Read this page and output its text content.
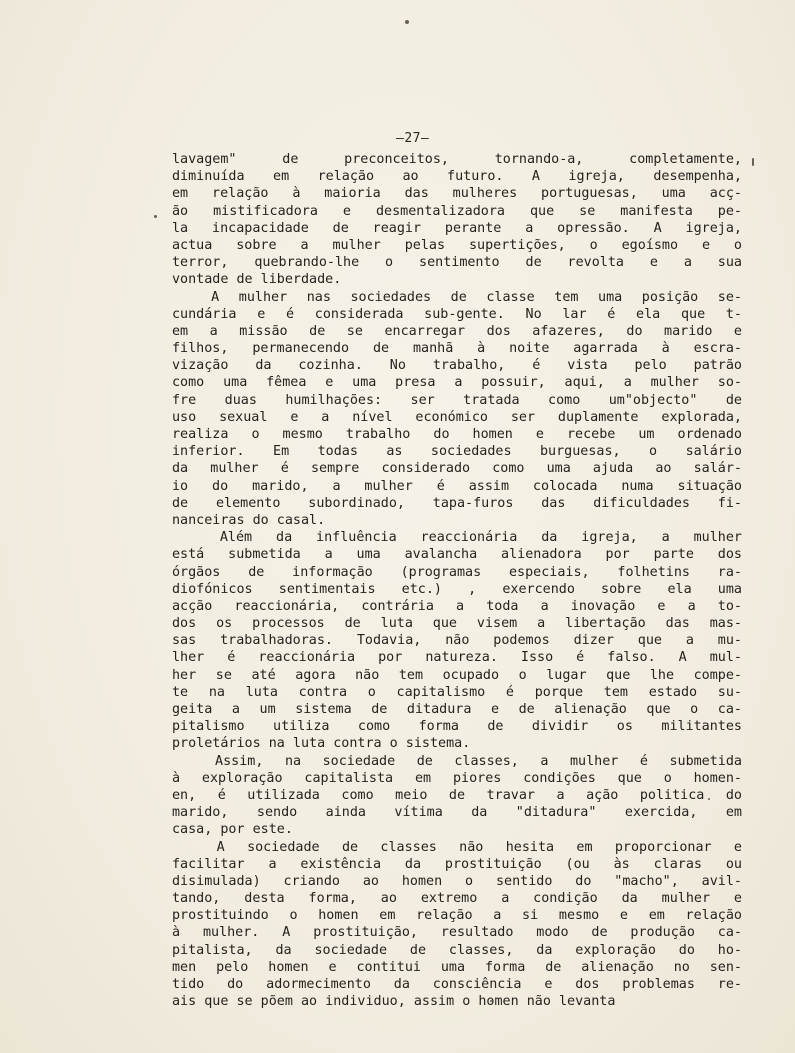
—27—
lavagem" de preconceitos, tornando-a, completamente,
diminuída em relação ao futuro. A igreja, desempenha,
em relação à maioria das mulheres portuguesas, uma acç-
ão mistificadora e desmentalizadora que se manifesta pe-
la incapacidade de reagir perante a opressão. A igreja,
actua sobre a mulher pelas supertições, o egoísmo e o
terror, quebrando-lhe o sentimento de revolta e a sua
vontade de liberdade.
A mulher nas sociedades de classe tem uma posição se-
cundária e é considerada sub-gente. No lar é ela que t-
em a missão de se encarregar dos afazeres, do marido e
filhos, permanecendo de manhã à noite agarrada à escra-
vização da cozinha. No trabalho, é vista pelo patrão
como uma fêmea e uma presa a possuir, aqui, a mulher so-
fre duas humilhações: ser tratada como um"objecto" de
uso sexual e a nível económico ser duplamente explorada,
realiza o mesmo trabalho do homen e recebe um ordenado
inferior. Em todas as sociedades burguesas, o salário
da mulher é sempre considerado como uma ajuda ao salár-
io do marido, a mulher é assim colocada numa situação
de elemento subordinado, tapa-furos das dificuldades fi-
nanceiras do casal.
Além da influência reaccionária da igreja, a mulher
está submetida a uma avalancha alienadora por parte dos
órgãos de informação (programas especiais, folhetins ra-
diofónicos sentimentais etc.) , exercendo sobre ela uma
acção reaccionária, contrária a toda a inovação e a to-
dos os processos de luta que visem a libertação das mas-
sas trabalhadoras. Todavia, não podemos dizer que a mu-
lher é reaccionária por natureza. Isso é falso. A mul-
her se até agora não tem ocupado o lugar que lhe compe-
te na luta contra o capitalismo é porque tem estado su-
geita a um sistema de ditadura e de alienação que o ca-
pitalismo utiliza como forma de dividir os militantes
proletários na luta contra o sistema.
Assim, na sociedade de classes, a mulher é submetida
à exploração capitalista em piores condições que o homen-
en, é utilizada como meio de travar a ação politica do
marido, sendo ainda vítima da "ditadura" exercida, em
casa, por este.
A sociedade de classes não hesita em proporcionar e
facilitar a existência da prostituição (ou às claras ou
disimulada) criando ao homen o sentido do "macho", avil-
tando, desta forma, ao extremo a condição da mulher e
prostituindo o homen em relação a si mesmo e em relação
à mulher. A prostituição, resultado modo de produção ca-
pitalista, da sociedade de classes, da exploração do ho-
men pelo homen e contitui uma forma de alienação no sen-
tido do adormecimento da consciência e dos problemas re-
ais que se põem ao individuo, assim o homen não levanta
